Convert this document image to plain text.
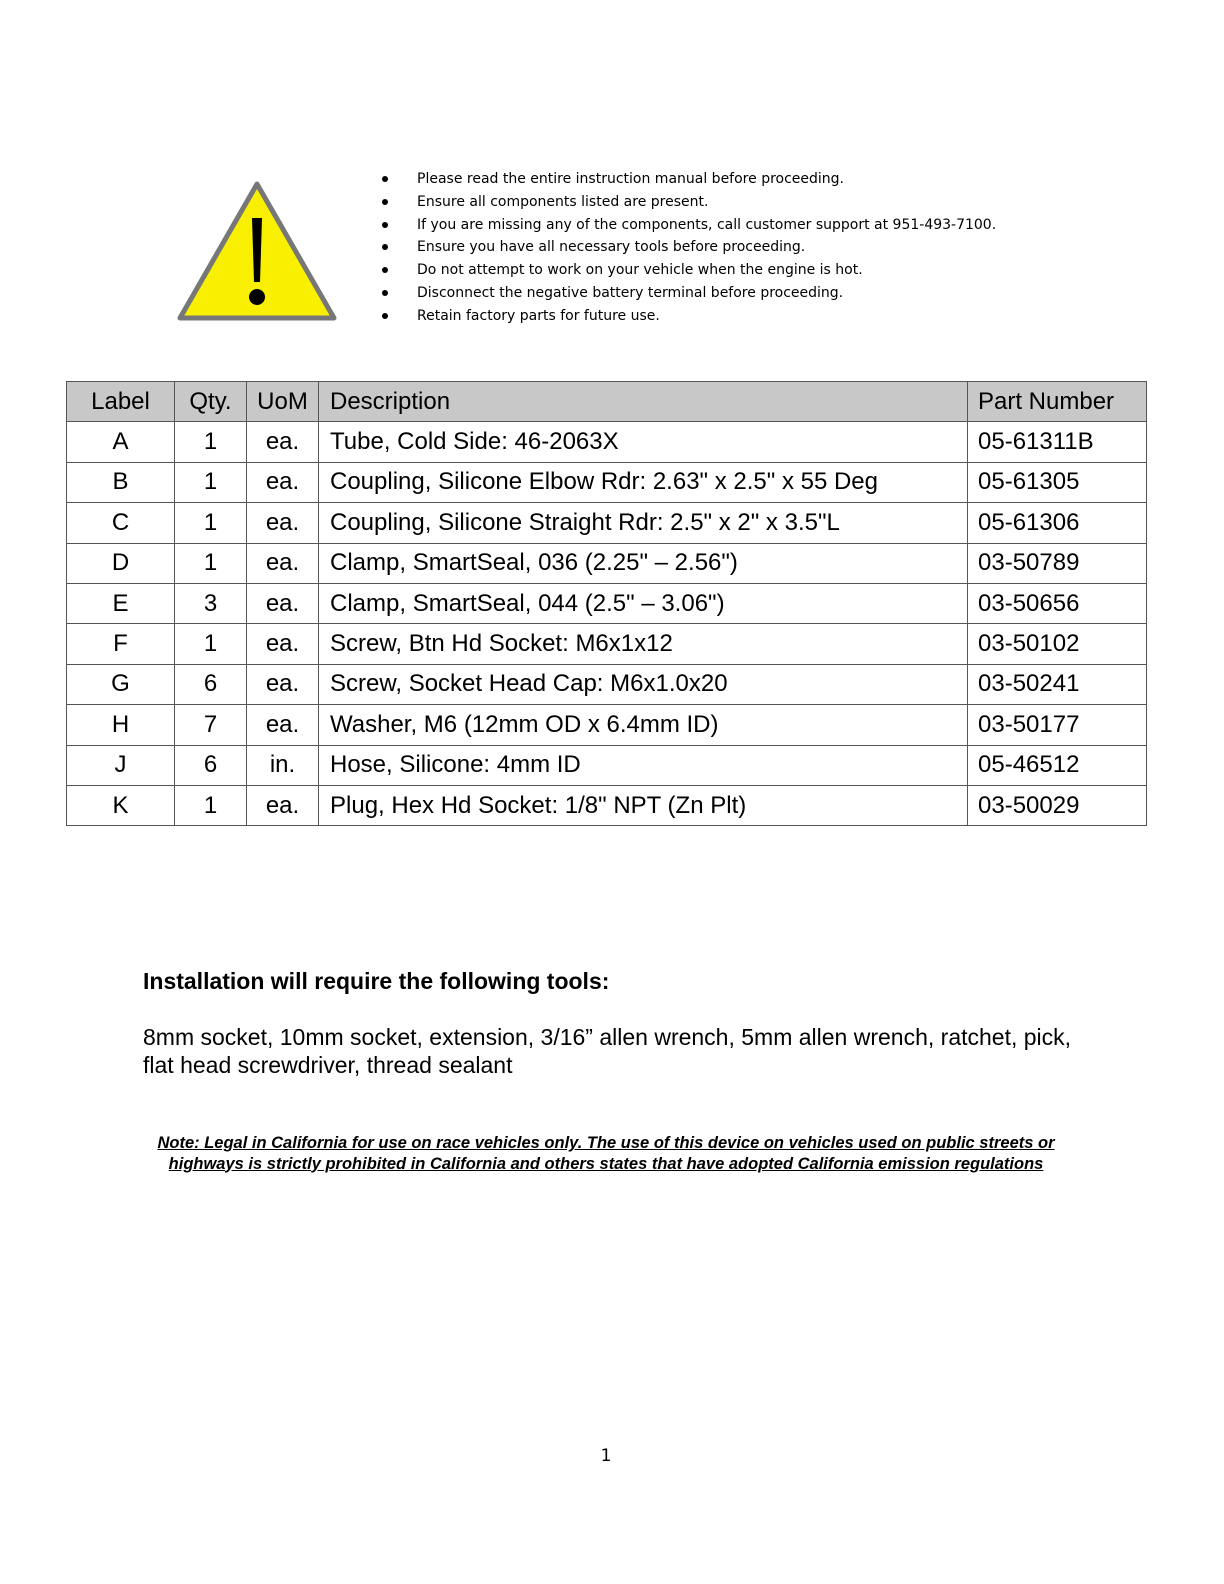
Please read the entire instruction manual before proceeding.
Ensure all components listed are present.
If you are missing any of the components, call customer support at 951-493-7100.
Ensure you have all necessary tools before proceeding.
Do not attempt to work on your vehicle when the engine is hot.
Disconnect the negative battery terminal before proceeding.
Retain factory parts for future use.
Label	Qty.	UoM	Description	Part Number
A	1	ea.	Tube, Cold Side: 46-2063X	05-61311B
B	1	ea.	Coupling, Silicone Elbow Rdr: 2.63" x 2.5" x 55 Deg	05-61305
C	1	ea.	Coupling, Silicone Straight Rdr: 2.5" x 2" x 3.5"L	05-61306
D	1	ea.	Clamp, SmartSeal, 036 (2.25" – 2.56")	03-50789
E	3	ea.	Clamp, SmartSeal, 044 (2.5" – 3.06")	03-50656
F	1	ea.	Screw, Btn Hd Socket: M6x1x12	03-50102
G	6	ea.	Screw, Socket Head Cap: M6x1.0x20	03-50241
H	7	ea.	Washer, M6 (12mm OD x 6.4mm ID)	03-50177
J	6	in.	Hose, Silicone: 4mm ID	05-46512
K	1	ea.	Plug, Hex Hd Socket: 1/8" NPT (Zn Plt)	03-50029
Installation will require the following tools:

8mm socket, 10mm socket, extension, 3/16” allen wrench, 5mm allen wrench, ratchet, pick, flat head screwdriver, thread sealant

Note: Legal in California for use on race vehicles only. The use of this device on vehicles used on public streets or highways is strictly prohibited in California and others states that have adopted California emission regulations

1
